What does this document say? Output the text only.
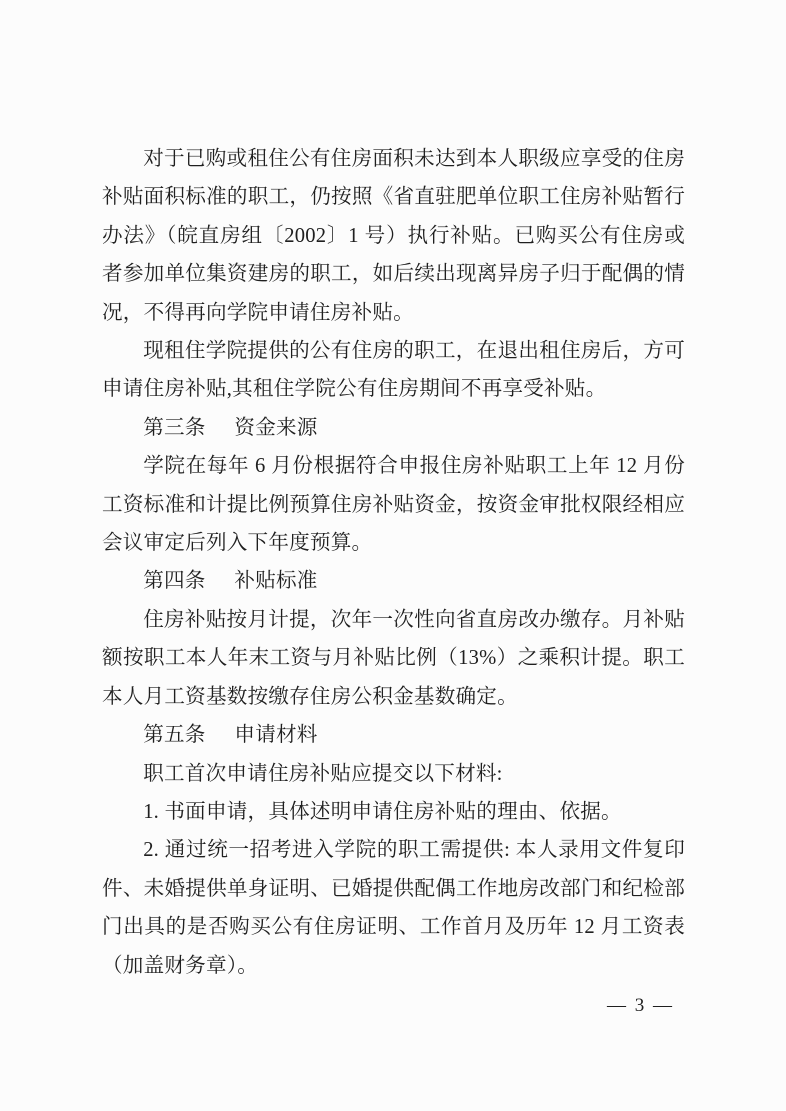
对于已购或租住公有住房面积未达到本人职级应享受的住房补贴面积标准的职工，仍按照《省直驻肥单位职工住房补贴暂行办法》（皖直房组〔2002〕1 号）执行补贴。已购买公有住房或者参加单位集资建房的职工，如后续出现离异房子归于配偶的情况，不得再向学院申请住房补贴。

现租住学院提供的公有住房的职工，在退出租住房后，方可申请住房补贴,其租住学院公有住房期间不再享受补贴。

第三条 资金来源

学院在每年 6 月份根据符合申报住房补贴职工上年 12 月份工资标准和计提比例预算住房补贴资金，按资金审批权限经相应会议审定后列入下年度预算。

第四条 补贴标准

住房补贴按月计提，次年一次性向省直房改办缴存。月补贴额按职工本人年末工资与月补贴比例（13%）之乘积计提。职工本人月工资基数按缴存住房公积金基数确定。

第五条 申请材料

职工首次申请住房补贴应提交以下材料:

1. 书面申请，具体述明申请住房补贴的理由、依据。

2. 通过统一招考进入学院的职工需提供: 本人录用文件复印件、未婚提供单身证明、已婚提供配偶工作地房改部门和纪检部门出具的是否购买公有住房证明、工作首月及历年 12 月工资表（加盖财务章）。

— 3 —
